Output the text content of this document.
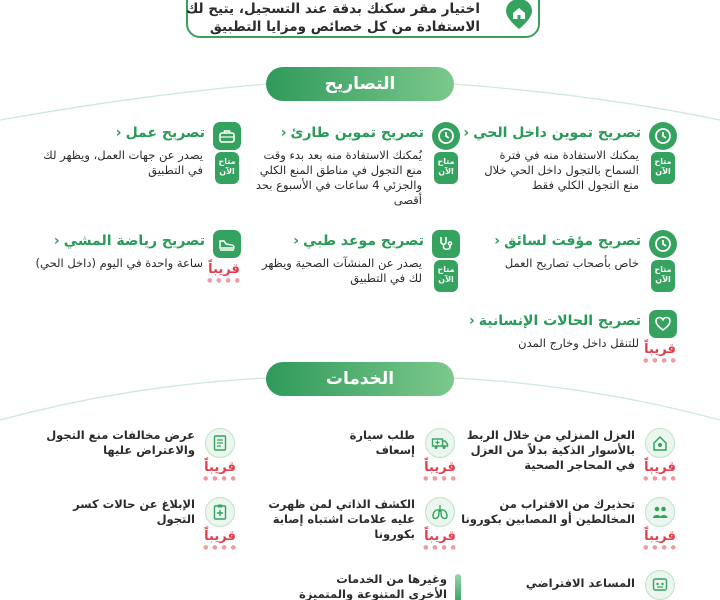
اختيار مقر سكنك بدقة عند التسجيل، يتيح لك
الاستفادة من كل خصائص ومزايا التطبيق
التصاريح
تصريح تموين داخل الحي
‹
يمكنك الاستفادة منه في فترة السماح بالتجول داخل الحي خلال منع التجول الكلي فقط
متاح
الآن
تصريح تموين طارئ
‹
يُمكنك الاستفادة منه بعد بدء وقت منع التجول في مناطق المنع الكلي والجزئي 4 ساعات في الأسبوع بحد أقصى
متاح
الآن
تصريح عمل
‹
يصدر عن جهات العمل، ويظهر لك في التطبيق
متاح
الآن
تصريح مؤقت لسائق
‹
خاص بأصحاب تصاريح العمل	متاح
الآن
تصريح موعد طبي
‹
يصدر عن المنشآت الصحية ويظهر لك في التطبيق
متاح
الآن
تصريح رياضة المشي
‹
ساعة واحدة في اليوم (داخل الحي) قريباً
● ● ● ●
تصريح الحالات الإنسانية
‹
للتنقل داخل وخارج المدن قريباً
● ● ● ●
الخدمات
العزل المنزلي من خلال الربط بالأسوار الذكية بدلاً من العزل في المحاجر الصحية قريباً
● ● ● ●
طلب سيارة إسعاف
قريباً
● ● ● ●
عرض مخالفات منع التجول والاعتراض عليها
قريباً
● ● ● ●
تحذيرك من الاقتراب من المخالطين أو المصابين بكورونا
قريباً
● ● ● ●
الكشف الذاتي لمن ظهرت عليه علامات اشتباه إصابة بكورونا قريباً
● ● ● ●
الإبلاغ عن حالات كسر التجول
قريباً
● ● ● ●
المساعد الافتراضي
وغيرها من الخدمات الأخرى المتنوعة والمتميزة
